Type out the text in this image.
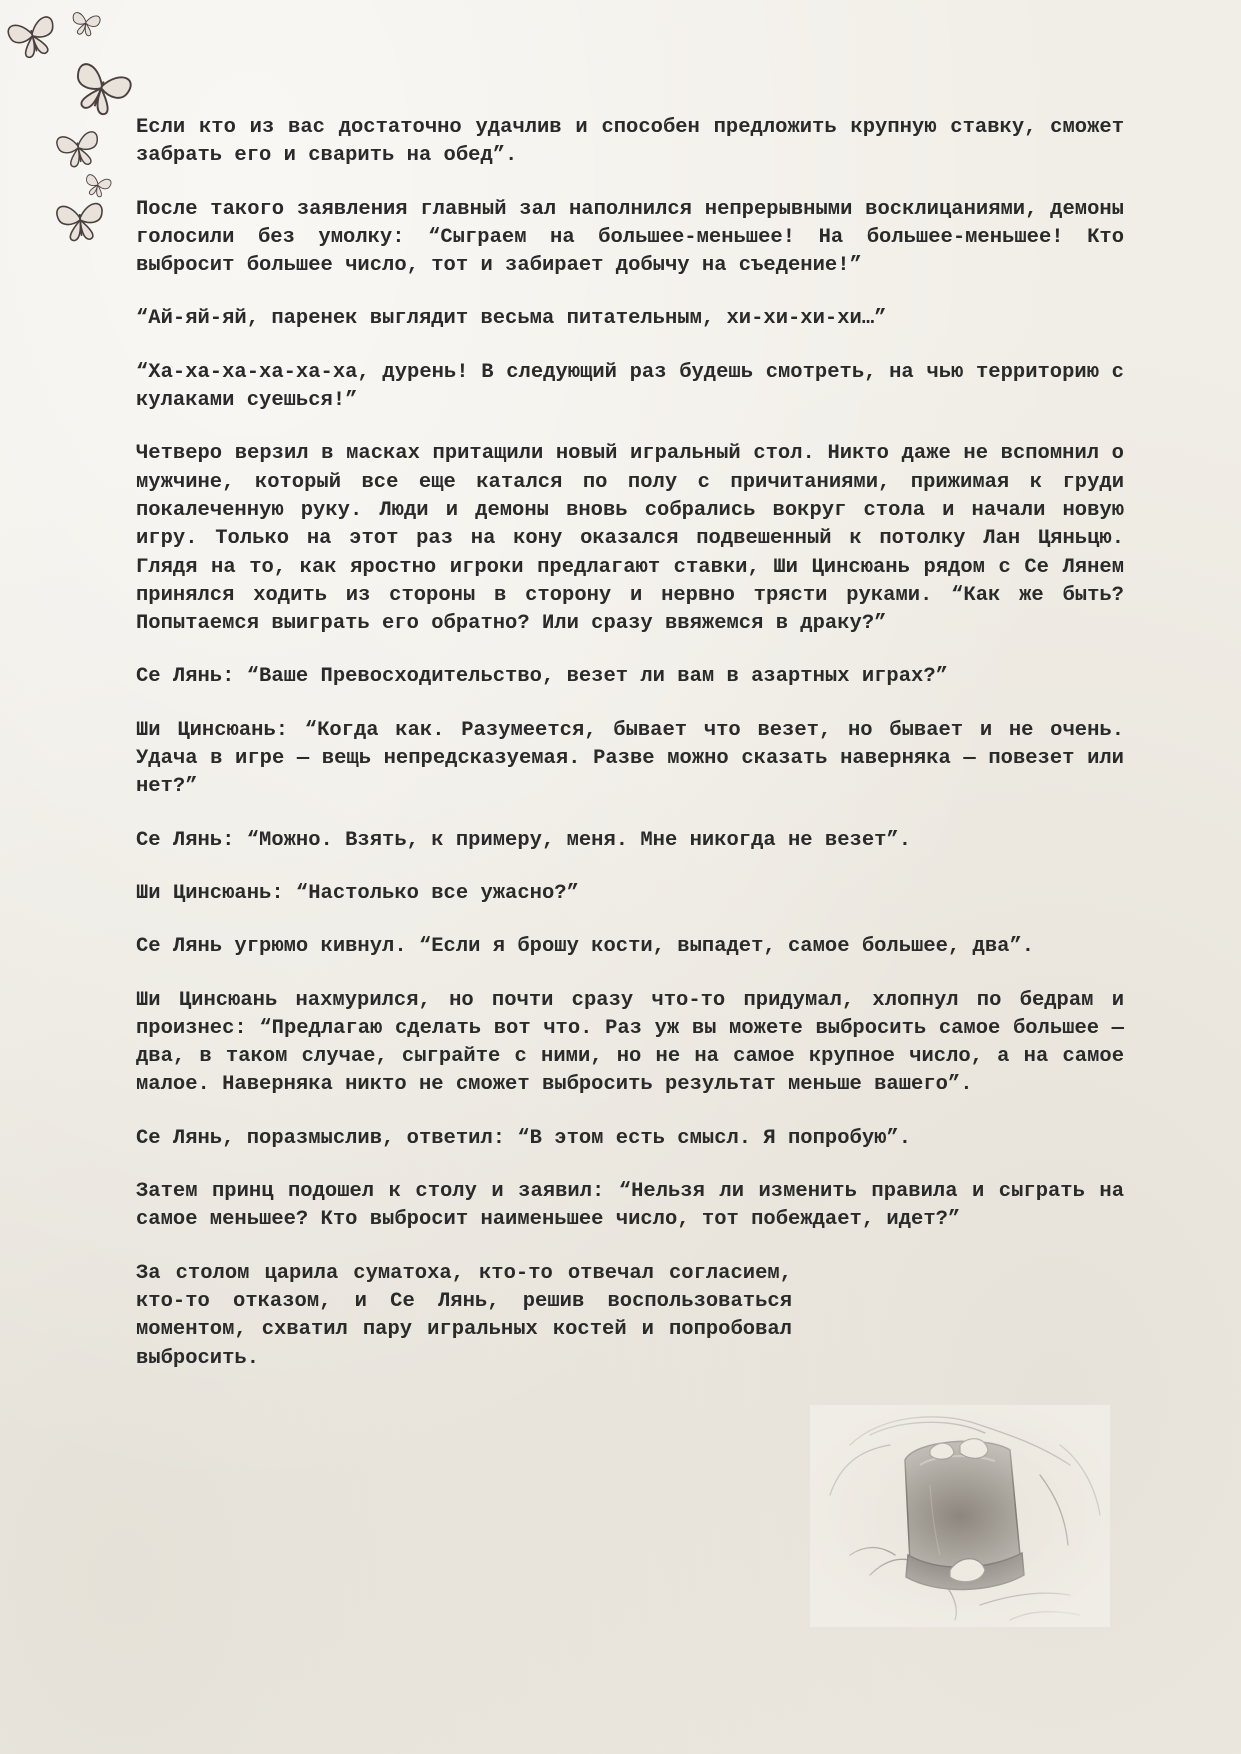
Если кто из вас достаточно удачлив и способен предложить крупную ставку, сможет забрать его и сварить на обед”.

После такого заявления главный зал наполнился непрерывными восклицаниями, демоны голосили без умолку: “Сыграем на большее-меньшее! На большее-меньшее! Кто выбросит большее число, тот и забирает добычу на съедение!”

“Ай-яй-яй, паренек выглядит весьма питательным, хи-хи-хи-хи…”

“Ха-ха-ха-ха-ха-ха, дурень! В следующий раз будешь смотреть, на чью территорию с кулаками суешься!”

Четверо верзил в масках притащили новый игральный стол. Никто даже не вспомнил о мужчине, который все еще катался по полу с причитаниями, прижимая к груди покалеченную руку. Люди и демоны вновь собрались вокруг стола и начали новую игру. Только на этот раз на кону оказался подвешенный к потолку Лан Цяньцю. Глядя на то, как яростно игроки предлагают ставки, Ши Цинсюань рядом с Се Лянем принялся ходить из стороны в сторону и нервно трясти руками. “Как же быть? Попытаемся выиграть его обратно? Или сразу ввяжемся в драку?”

Се Лянь: “Ваше Превосходительство, везет ли вам в азартных играх?”

Ши Цинсюань: “Когда как. Разумеется, бывает что везет, но бывает и не очень. Удача в игре — вещь непредсказуемая. Разве можно сказать наверняка — повезет или нет?”

Се Лянь: “Можно. Взять, к примеру, меня. Мне никогда не везет”.

Ши Цинсюань: “Настолько все ужасно?”

Се Лянь угрюмо кивнул. “Если я брошу кости, выпадет, самое большее, два”.

Ши Цинсюань нахмурился, но почти сразу что-то придумал, хлопнул по бедрам и произнес: “Предлагаю сделать вот что. Раз уж вы можете выбросить самое большее — два, в таком случае, сыграйте с ними, но не на самое крупное число, а на самое малое. Наверняка никто не сможет выбросить результат меньше вашего”.

Се Лянь, поразмыслив, ответил: “В этом есть смысл. Я попробую”.

Затем принц подошел к столу и заявил: “Нельзя ли изменить правила и сыграть на самое меньшее? Кто выбросит наименьшее число, тот побеждает, идет?”

За столом царила суматоха, кто-то отвечал согласием, кто-то отказом, и Се Лянь, решив воспользоваться моментом, схватил пару игральных костей и попробовал выбросить.
